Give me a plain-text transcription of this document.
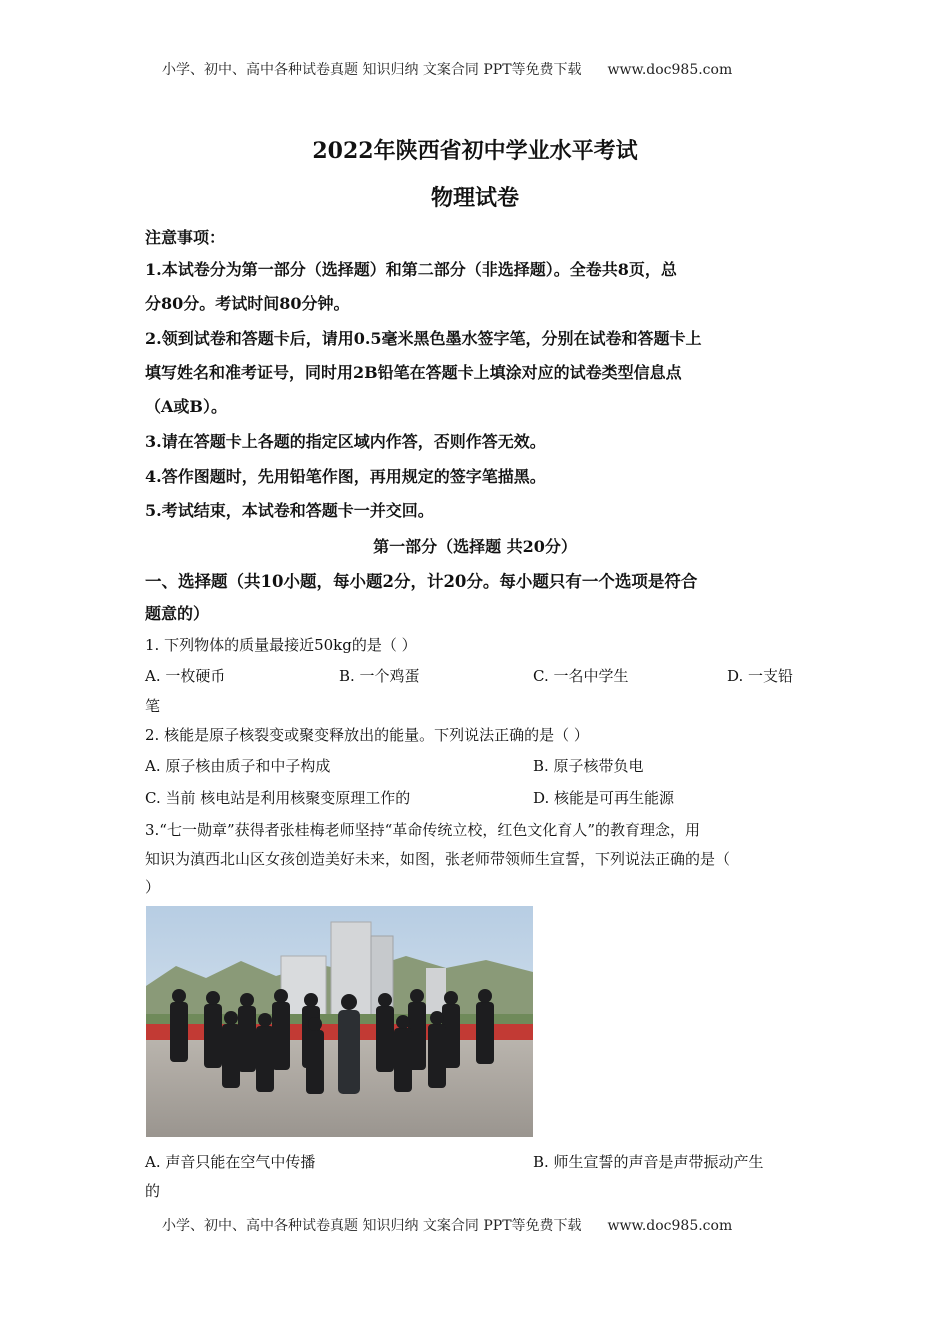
小学、初中、高中各种试卷真题 知识归纳 文案合同 PPT等免费下载 www.doc985.com
2022年陕西省初中学业水平考试
物理试卷
注意事项：
1.本试卷分为第一部分（选择题）和第二部分（非选择题）。全卷共8页，总
分80分。考试时间80分钟。
2.领到试卷和答题卡后，请用0.5毫米黑色墨水签字笔，分别在试卷和答题卡上
填写姓名和准考证号，同时用2B铅笔在答题卡上填涂对应的试卷类型信息点
（A或B）。
3.请在答题卡上各题的指定区域内作答，否则作答无效。
4.答作图题时，先用铅笔作图，再用规定的签字笔描黑。
5.考试结束，本试卷和答题卡一并交回。
第一部分（选择题 共20分）
一、选择题（共10小题，每小题2分，计20分。每小题只有一个选项是符合
题意的）
1. 下列物体的质量最接近50kg的是（ ）
A. 一枚硬币	B. 一个鸡蛋	C. 一名中学生	D. 一支铅
笔
2. 核能是原子核裂变或聚变释放出的能量。下列说法正确的是（ ）
A. 原子核由质子和中子构成	B. 原子核带负电
C. 当前 核电站是利用核聚变原理工作的	D. 核能是可再生能源
3.“七一勋章”获得者张桂梅老师坚持“革命传统立校，红色文化育人”的教育理念，用
知识为滇西北山区女孩创造美好未来，如图，张老师带领师生宣誓，下列说法正确的是（
）
A. 声音只能在空气中传播	B. 师生宣誓的声音是声带振动产生
的
小学、初中、高中各种试卷真题 知识归纳 文案合同 PPT等免费下载 www.doc985.com
